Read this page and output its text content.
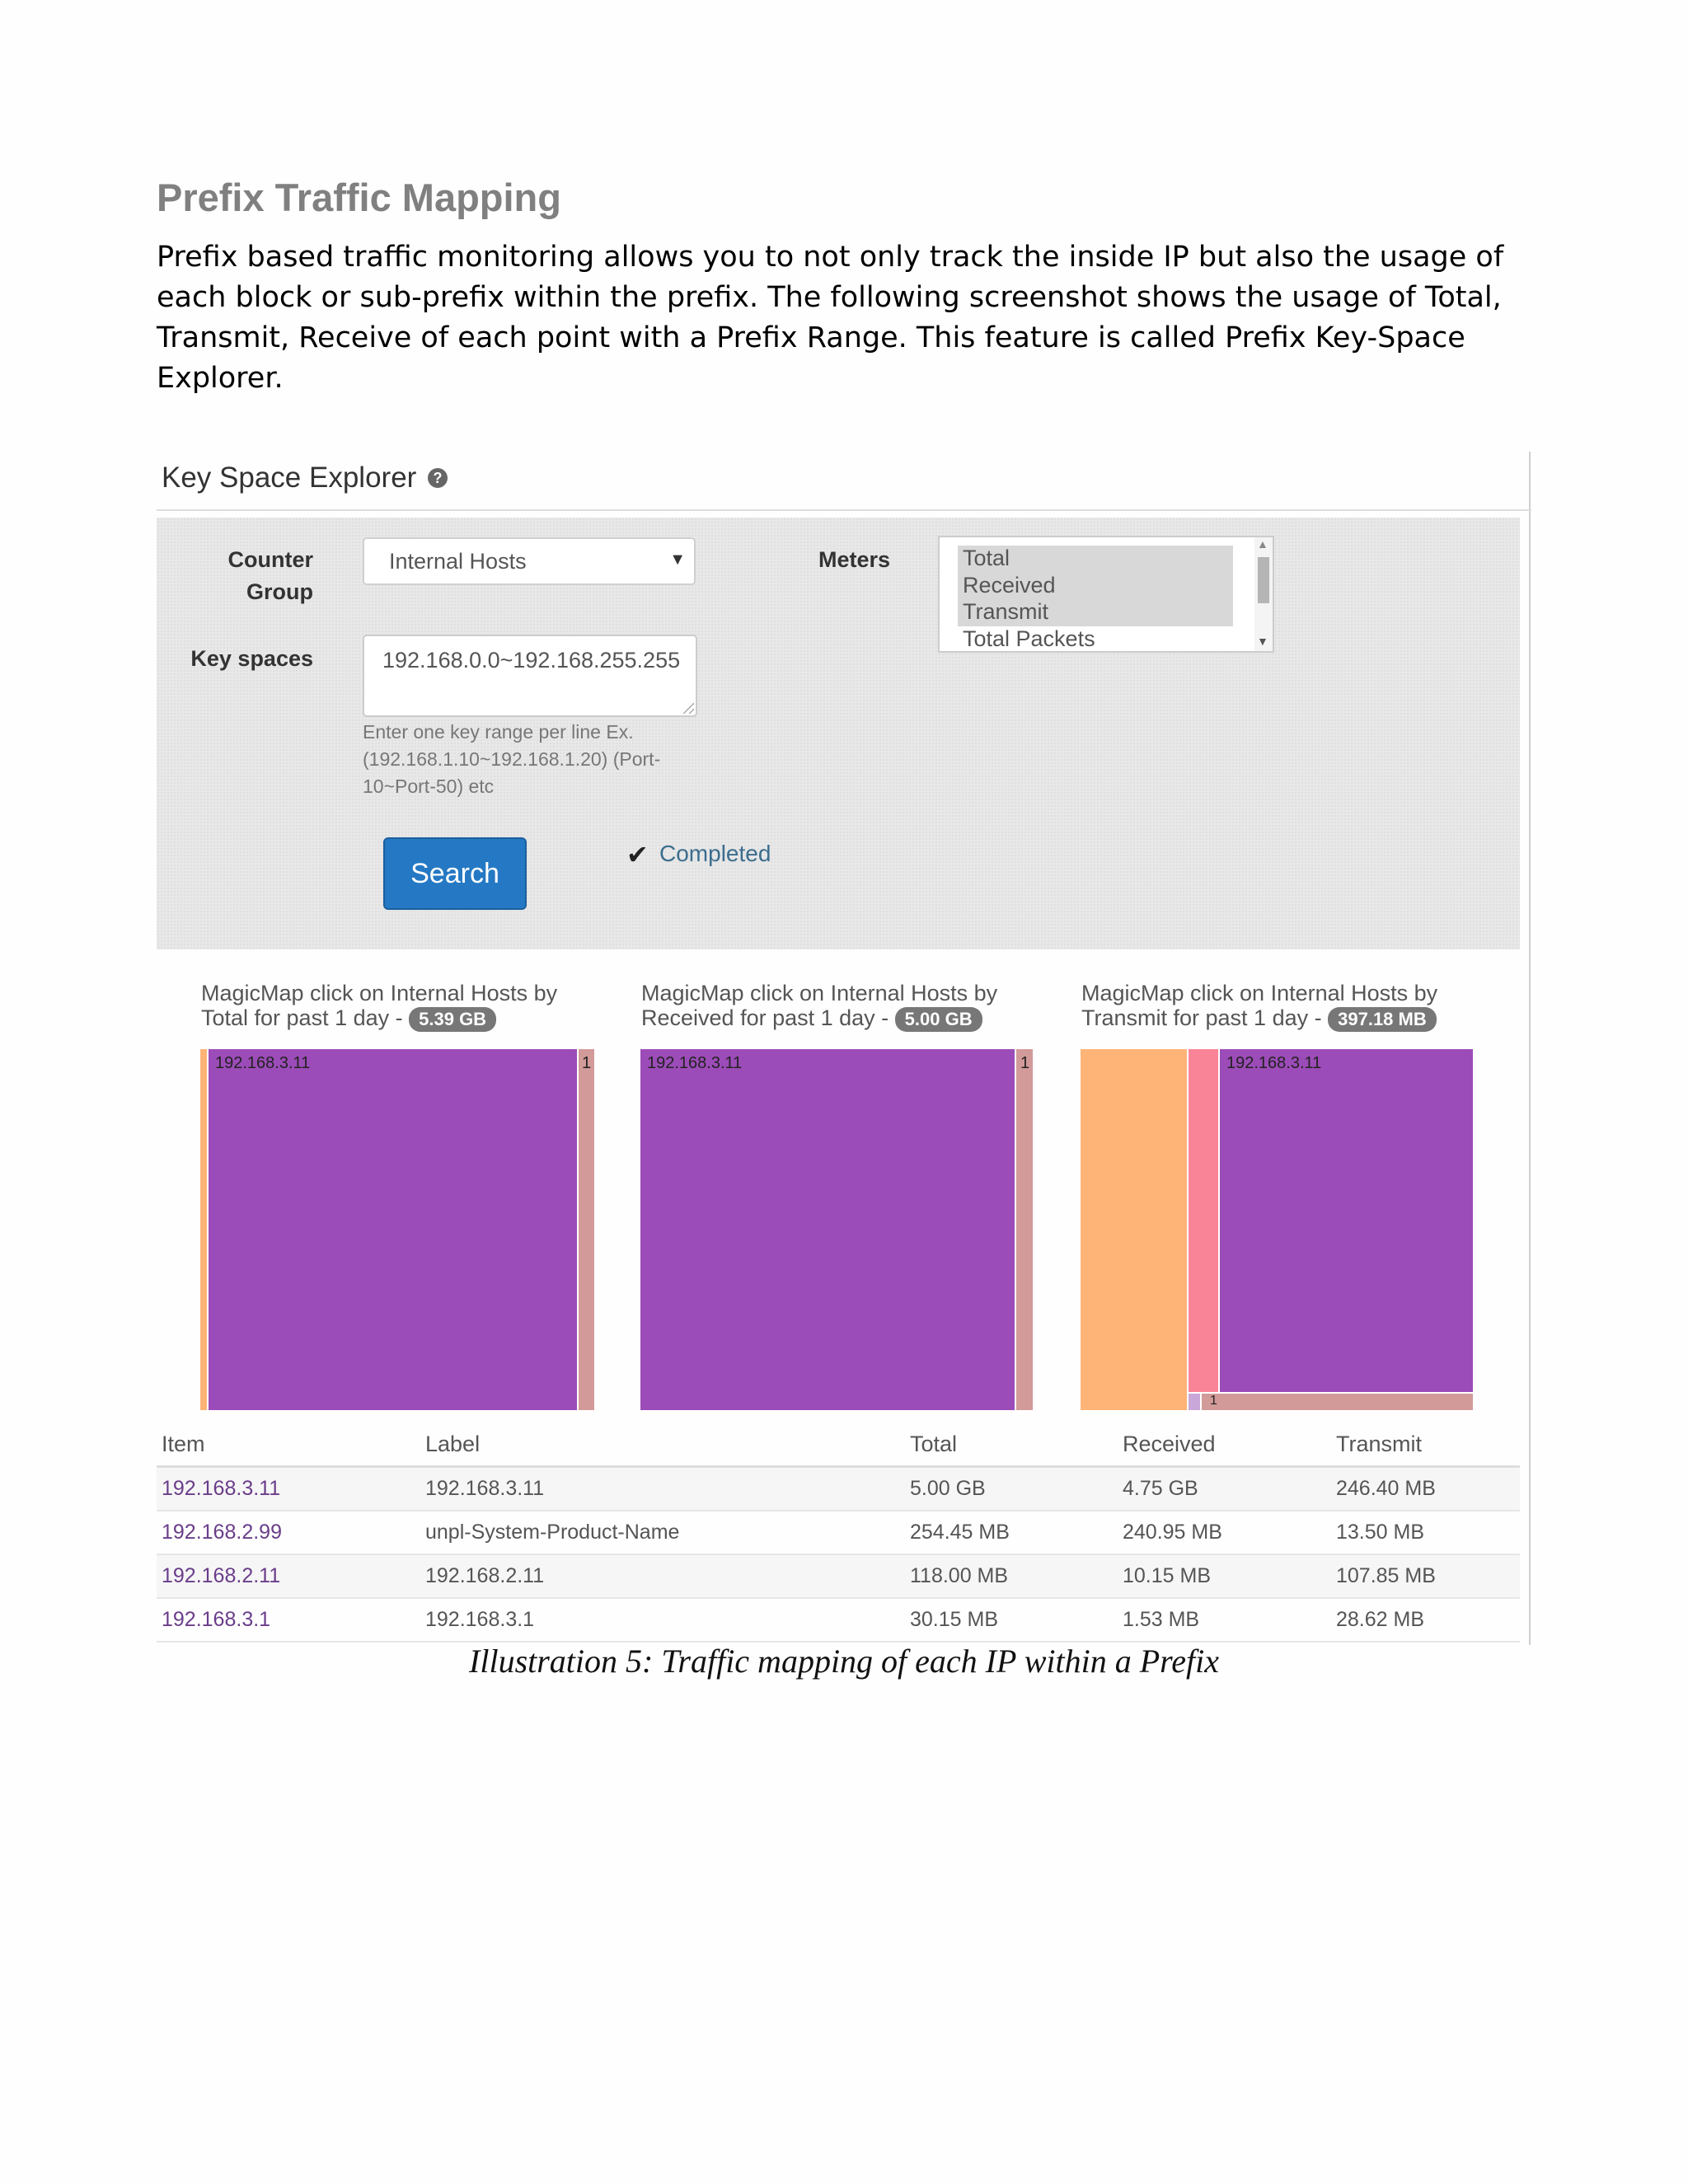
Prefix Traffic Mapping

Prefix based traffic monitoring allows you to not only track the inside IP but also the usage of each block or sub-prefix within the prefix. The following screenshot shows the usage of Total, Transmit, Receive of each point with a Prefix Range. This feature is called Prefix Key-Space Explorer.

Key Space Explorer	?
Counter
Group
Internal Hosts	▼
Key spaces	192.168.0.0~192.168.255.255
Enter one key range per line Ex. (192.168.1.10~192.168.1.20) (Port-10~Port-50) etc
Meters	Total
Received
Transmit
Total Packets
▲
▼
Search
✔ Completed
MagicMap click on Internal Hosts by
Total for past 1 day - 5.39 GB
MagicMap click on Internal Hosts by
Received for past 1 day - 5.00 GB
MagicMap click on Internal Hosts by
Transmit for past 1 day - 397.18 MB
192.168.3.11	1	192.168.3.11	1	192.168.3.11
1
Item	Label	Total	Received	Transmit
192.168.3.11	192.168.3.11	5.00 GB	4.75 GB	246.40 MB
192.168.2.99	unpl-System-Product-Name	254.45 MB	240.95 MB	13.50 MB
192.168.2.11	192.168.2.11	118.00 MB	10.15 MB	107.85 MB
192.168.3.1	192.168.3.1	30.15 MB	1.53 MB	28.62 MB
Illustration 5: Traffic mapping of each IP within a Prefix
